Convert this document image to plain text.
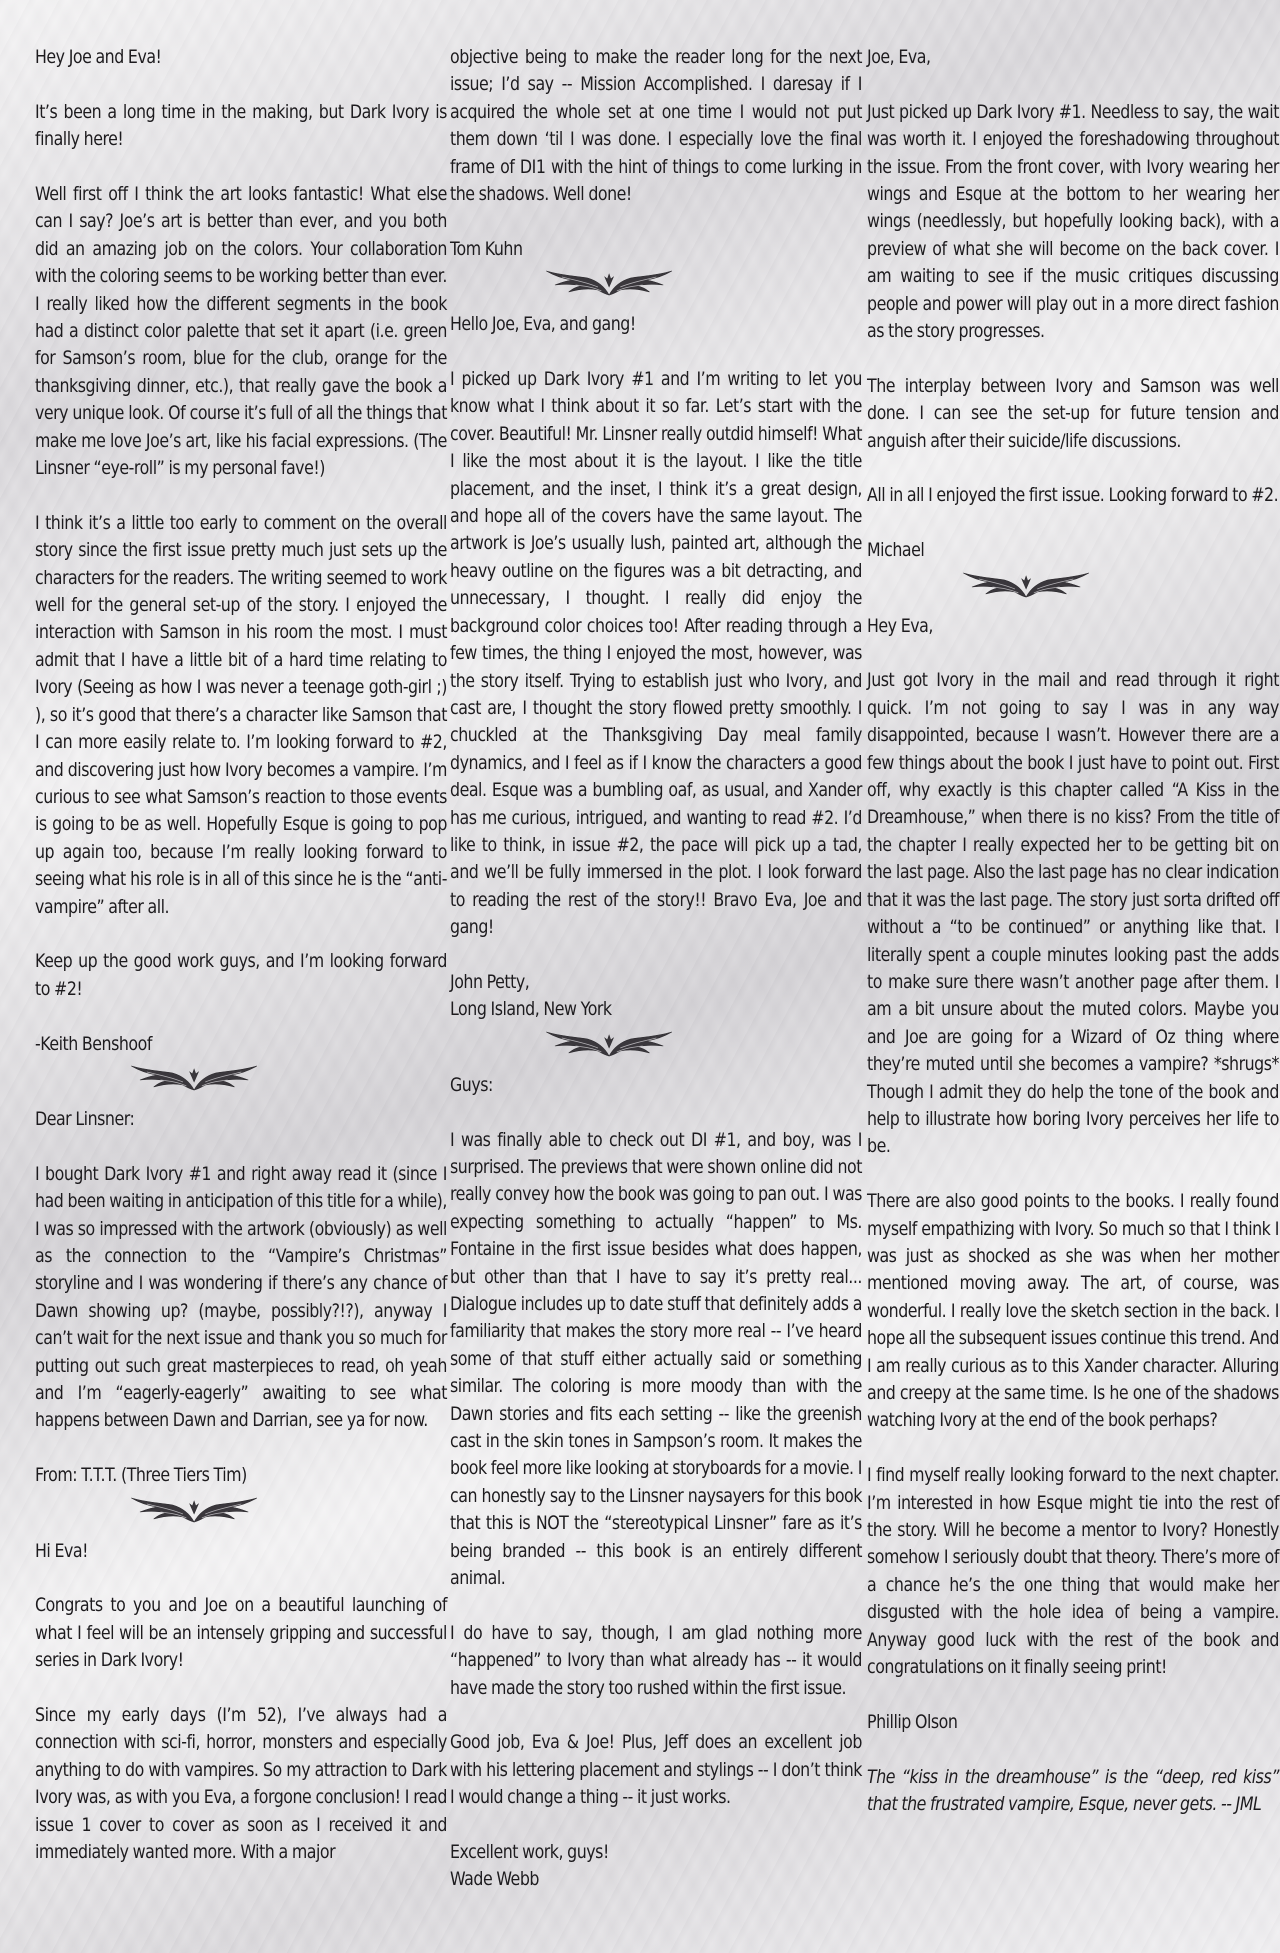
Hey Joe and Eva!

It’s been a long time in the making, but Dark Ivory is finally here!

Well first off I think the art looks fantastic! What else can I say? Joe’s art is better than ever, and you both did an amazing job on the colors. Your collaboration with the coloring seems to be working better than ever. I really liked how the different segments in the book had a distinct color palette that set it apart (i.e. green for Samson’s room, blue for the club, orange for the thanksgiving dinner, etc.), that really gave the book a very unique look. Of course it’s full of all the things that make me love Joe’s art, like his facial expressions. (The Linsner “eye-roll” is my personal fave!)

I think it’s a little too early to comment on the overall story since the first issue pretty much just sets up the characters for the readers. The writing seemed to work well for the general set-up of the story. I enjoyed the interaction with Samson in his room the most. I must admit that I have a little bit of a hard time relating to Ivory (Seeing as how I was never a teenage goth-girl ;) ), so it’s good that there’s a character like Samson that I can more easily relate to. I’m looking forward to #2, and discovering just how Ivory becomes a vampire. I’m curious to see what Samson’s reaction to those events is going to be as well. Hopefully Esque is going to pop up again too, because I’m really looking forward to seeing what his role is in all of this since he is the “anti-vampire” after all.

Keep up the good work guys, and I’m looking forward to #2!

-Keith Benshoof

Dear Linsner:

I bought Dark Ivory #1 and right away read it (since I had been waiting in anticipation of this title for a while), I was so impressed with the artwork (obviously) as well as the connection to the “Vampire’s Christmas” storyline and I was wondering if there’s any chance of Dawn showing up? (maybe, possibly?!?), anyway I can’t wait for the next issue and thank you so much for putting out such great masterpieces to read, oh yeah and I’m “eagerly-eagerly” awaiting to see what happens between Dawn and Darrian, see ya for now.

From: T.T.T. (Three Tiers Tim)

Hi Eva!

Congrats to you and Joe on a beautiful launching of what I feel will be an intensely gripping and successful series in Dark Ivory!

Since my early days (I’m 52), I’ve always had a connection with sci-fi, horror, monsters and especially anything to do with vampires. So my attraction to Dark Ivory was, as with you Eva, a forgone conclusion! I read issue 1 cover to cover as soon as I received it and immediately wanted more. With a major

objective being to make the reader long for the next issue; I’d say -- Mission Accomplished. I daresay if I acquired the whole set at one time I would not put them down ‘til I was done. I especially love the final frame of DI1 with the hint of things to come lurking in the shadows. Well done!

Tom Kuhn

Hello Joe, Eva, and gang!

I picked up Dark Ivory #1 and I’m writing to let you know what I think about it so far. Let’s start with the cover. Beautiful! Mr. Linsner really outdid himself! What I like the most about it is the layout. I like the title placement, and the inset, I think it’s a great design, and hope all of the covers have the same layout. The artwork is Joe’s usually lush, painted art, although the heavy outline on the figures was a bit detracting, and unnecessary, I thought. I really did enjoy the background color choices too! After reading through a few times, the thing I enjoyed the most, however, was the story itself. Trying to establish just who Ivory, and cast are, I thought the story flowed pretty smoothly. I chuckled at the Thanksgiving Day meal family dynamics, and I feel as if I know the characters a good deal. Esque was a bumbling oaf, as usual, and Xander has me curious, intrigued, and wanting to read #2. I’d like to think, in issue #2, the pace will pick up a tad, and we’ll be fully immersed in the plot. I look forward to reading the rest of the story!! Bravo Eva, Joe and gang!

John Petty,

Long Island, New York

Guys:

I was finally able to check out DI #1, and boy, was I surprised. The previews that were shown online did not really convey how the book was going to pan out. I was expecting something to actually “happen” to Ms. Fontaine in the first issue besides what does happen, but other than that I have to say it’s pretty real... Dialogue includes up to date stuff that definitely adds a familiarity that makes the story more real -- I’ve heard some of that stuff either actually said or something similar. The coloring is more moody than with the Dawn stories and fits each setting -- like the greenish cast in the skin tones in Sampson’s room. It makes the book feel more like looking at storyboards for a movie. I can honestly say to the Linsner naysayers for this book that this is NOT the “stereotypical Linsner” fare as it’s being branded -- this book is an entirely different animal.

I do have to say, though, I am glad nothing more “happened” to Ivory than what already has -- it would have made the story too rushed within the first issue.

Good job, Eva & Joe! Plus, Jeff does an excellent job with his lettering placement and stylings -- I don’t think I would change a thing -- it just works.

Excellent work, guys!

Wade Webb

Joe, Eva,

Just picked up Dark Ivory #1. Needless to say, the wait was worth it. I enjoyed the foreshadowing throughout the issue. From the front cover, with Ivory wearing her wings and Esque at the bottom to her wearing her wings (needlessly, but hopefully looking back), with a preview of what she will become on the back cover. I am waiting to see if the music critiques discussing people and power will play out in a more direct fashion as the story progresses.

The interplay between Ivory and Samson was well done. I can see the set-up for future tension and anguish after their suicide/life discussions.

All in all I enjoyed the first issue. Looking forward to #2.

Michael

Hey Eva,

Just got Ivory in the mail and read through it right quick. I’m not going to say I was in any way disappointed, because I wasn’t. However there are a few things about the book I just have to point out. First off, why exactly is this chapter called “A Kiss in the Dreamhouse,” when there is no kiss? From the title of the chapter I really expected her to be getting bit on the last page. Also the last page has no clear indication that it was the last page. The story just sorta drifted off without a “to be continued” or anything like that. I literally spent a couple minutes looking past the adds to make sure there wasn’t another page after them. I am a bit unsure about the muted colors. Maybe you and Joe are going for a Wizard of Oz thing where they’re muted until she becomes a vampire? *shrugs* Though I admit they do help the tone of the book and help to illustrate how boring Ivory perceives her life to be.

There are also good points to the books. I really found myself empathizing with Ivory. So much so that I think I was just as shocked as she was when her mother mentioned moving away. The art, of course, was wonderful. I really love the sketch section in the back. I hope all the subsequent issues continue this trend. And I am really curious as to this Xander character. Alluring and creepy at the same time. Is he one of the shadows watching Ivory at the end of the book perhaps?

I find myself really looking forward to the next chapter. I’m interested in how Esque might tie into the rest of the story. Will he become a mentor to Ivory? Honestly somehow I seriously doubt that theory. There’s more of a chance he’s the one thing that would make her disgusted with the hole idea of being a vampire. Anyway good luck with the rest of the book and congratulations on it finally seeing print!

Phillip Olson

The “kiss in the dreamhouse” is the “deep, red kiss” that the frustrated vampire, Esque, never gets. -- JML
